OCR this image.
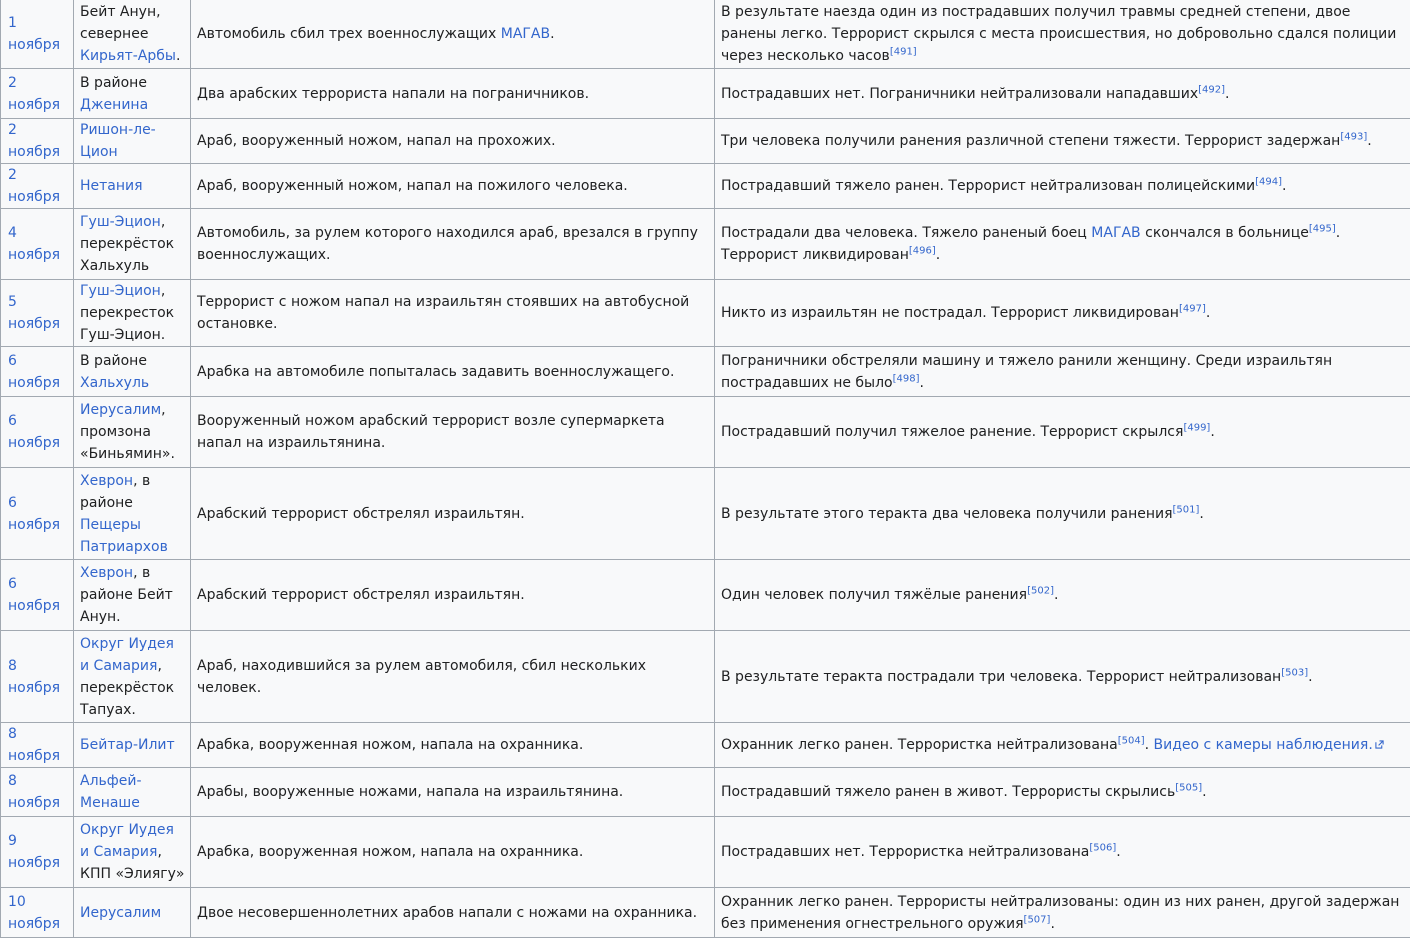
1 ноября	Бейт Анун, севернее Кирьят-Арбы.	Автомобиль сбил трех военнослужащих МАГАВ.	В результате наезда один из пострадавших получил травмы средней степени, двое ранены легко. Террорист скрылся с места происшествия, но добровольно сдался полиции через несколько часов[491]
2 ноября	В районе Дженина	Два арабских террориста напали на пограничников.	Пострадавших нет. Пограничники нейтрализовали нападавших[492].
2 ноября	Ришон-ле-Цион	Араб, вооруженный ножом, напал на прохожих.	Три человека получили ранения различной степени тяжести. Террорист задержан[493].
2 ноября	Нетания	Араб, вооруженный ножом, напал на пожилого человека.	Пострадавший тяжело ранен. Террорист нейтрализован полицейскими[494].
4 ноября	Гуш-Эцион, перекрёсток Хальхуль	Автомобиль, за рулем которого находился араб, врезался в группу военнослужащих.	Пострадали два человека. Тяжело раненый боец МАГАВ скончался в больнице[495]. Террорист ликвидирован[496].
5 ноября	Гуш-Эцион, перекресток Гуш-Эцион.	Террорист с ножом напал на израильтян стоявших на автобусной остановке.	Никто из израильтян не пострадал. Террорист ликвидирован[497].
6 ноября	В районе Хальхуль	Арабка на автомобиле попыталась задавить военнослужащего.	Пограничники обстреляли машину и тяжело ранили женщину. Среди израильтян пострадавших не было[498].
6 ноября	Иерусалим, промзона «Биньямин».	Вооруженный ножом арабский террорист возле супермаркета напал на израильтянина.	Пострадавший получил тяжелое ранение. Террорист скрылся[499].
6 ноября	Хеврон, в районе Пещеры Патриархов	Арабский террорист обстрелял израильтян.	В результате этого теракта два человека получили ранения[501].
6 ноября	Хеврон, в районе Бейт Анун.	Арабский террорист обстрелял израильтян.	Один человек получил тяжёлые ранения[502].
8 ноября	Округ Иудея и Самария, перекрёсток Тапуах.	Араб, находившийся за рулем автомобиля, сбил нескольких человек.	В результате теракта пострадали три человека. Террорист нейтрализован[503].
8 ноября	Бейтар-Илит	Арабка, вооруженная ножом, напала на охранника.	Охранник легко ранен. Террористка нейтрализована[504]. Видео с камеры наблюдения.
8 ноября	Альфей-Менаше	Арабы, вооруженные ножами, напала на израильтянина.	Пострадавший тяжело ранен в живот. Террористы скрылись[505].
9 ноября	Округ Иудея и Самария, КПП «Элиягу»	Арабка, вооруженная ножом, напала на охранника.	Пострадавших нет. Террористка нейтрализована[506].
10 ноября	Иерусалим	Двое несовершеннолетних арабов напали с ножами на охранника.	Охранник легко ранен. Террористы нейтрализованы: один из них ранен, другой задержан без применения огнестрельного оружия[507].
